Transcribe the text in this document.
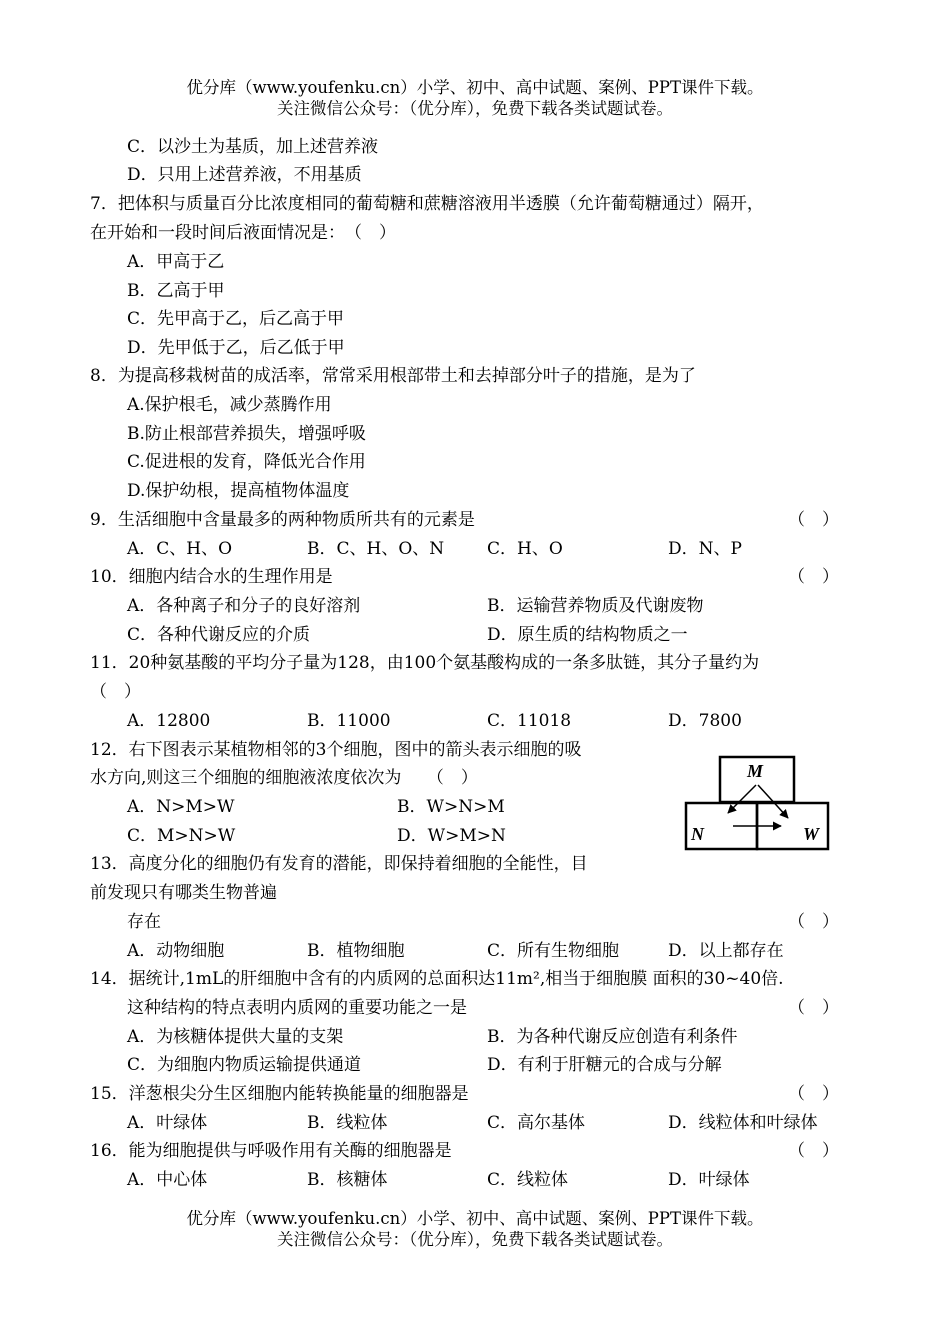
优分库（www.youfenku.cn）小学、初中、高中试题、案例、PPT课件下载。
关注微信公众号：（优分库），免费下载各类试题试卷。
C．以沙土为基质，加上述营养液
D．只用上述营养液，不用基质
7．把体积与质量百分比浓度相同的葡萄糖和蔗糖溶液用半透膜（允许葡萄糖通过）隔开，
在开始和一段时间后液面情况是：　（　）
A．甲高于乙
B．乙高于甲
C．先甲高于乙，后乙高于甲
D．先甲低于乙，后乙低于甲
8．为提高移栽树苗的成活率，常常采用根部带土和去掉部分叶子的措施，是为了
A.保护根毛，减少蒸腾作用
B.防止根部营养损失，增强呼吸
C.促进根的发育，降低光合作用
D.保护幼根，提高植物体温度
9．生活细胞中含量最多的两种物质所共有的元素是	（　）
A．C、H、O	B．C、H、O、N	C．H、O	D．N、P
10．细胞内结合水的生理作用是	（　）
A．各种离子和分子的良好溶剂	B．运输营养物质及代谢废物
C．各种代谢反应的介质	D．原生质的结构物质之一
11．20种氨基酸的平均分子量为128，由100个氨基酸构成的一条多肽链，其分子量约为
（　）
A．12800	B．11000	C．11018	D．7800
12．右下图表示某植物相邻的3个细胞，图中的箭头表示细胞的吸
水方向,则这三个细胞的细胞液浓度依次为　　（　）
A．N>M>W	B．W>N>M
C．M>N>W	D．W>M>N
M
N	W
13．高度分化的细胞仍有发育的潜能，即保持着细胞的全能性，目
前发现只有哪类生物普遍
存在	（　）
A．动物细胞	B．植物细胞	C．所有生物细胞	D．以上都存在
14．据统计,1mL的肝细胞中含有的内质网的总面积达11m²,相当于细胞膜 面积的30~40倍.
这种结构的特点表明内质网的重要功能之一是	（　）
A．为核糖体提供大量的支架	B．为各种代谢反应创造有利条件
C．为细胞内物质运输提供通道	D．有利于肝糖元的合成与分解
15．洋葱根尖分生区细胞内能转换能量的细胞器是	（　）
A．叶绿体	B．线粒体	C．高尔基体	D．线粒体和叶绿体
16．能为细胞提供与呼吸作用有关酶的细胞器是	（　）
A．中心体	B．核糖体	C．线粒体	D．叶绿体
优分库（www.youfenku.cn）小学、初中、高中试题、案例、PPT课件下载。
关注微信公众号：（优分库），免费下载各类试题试卷。
